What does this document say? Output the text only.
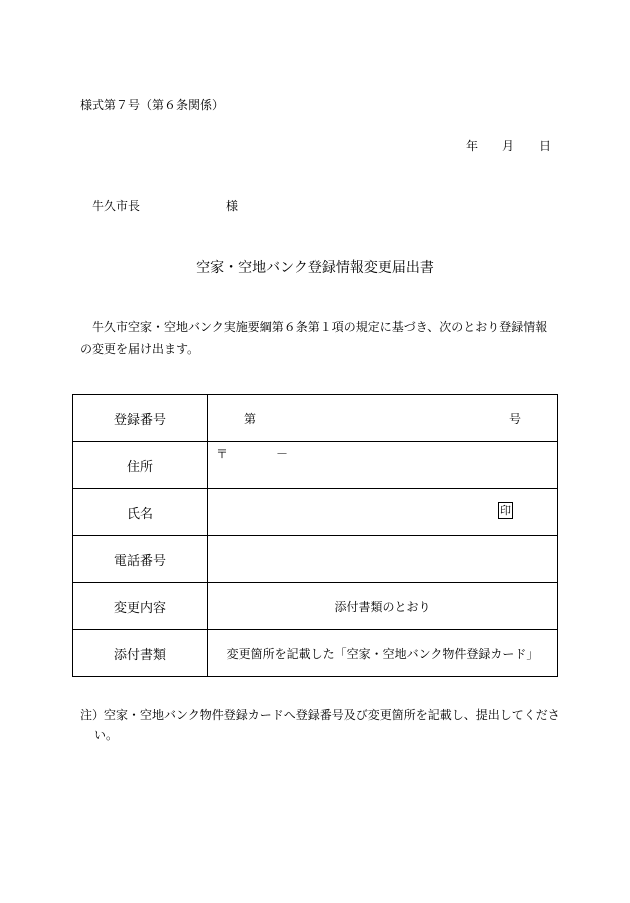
様式第７号（第６条関係）
年 月 日
牛久市長	様
空家・空地バンク登録情報変更届出書
牛久市空家・空地バンク実施要綱第６条第１項の規定に基づき、次のとおり登録情報の変更を届け出ます。
登録番号	第 号

住所	〒 －

氏名	印

電話番号	
変更内容	添付書類のとおり
添付書類	変更箇所を記載した「空家・空地バンク物件登録カード」
注）空家・空地バンク物件登録カードへ登録番号及び変更箇所を記載し、提出してください。
